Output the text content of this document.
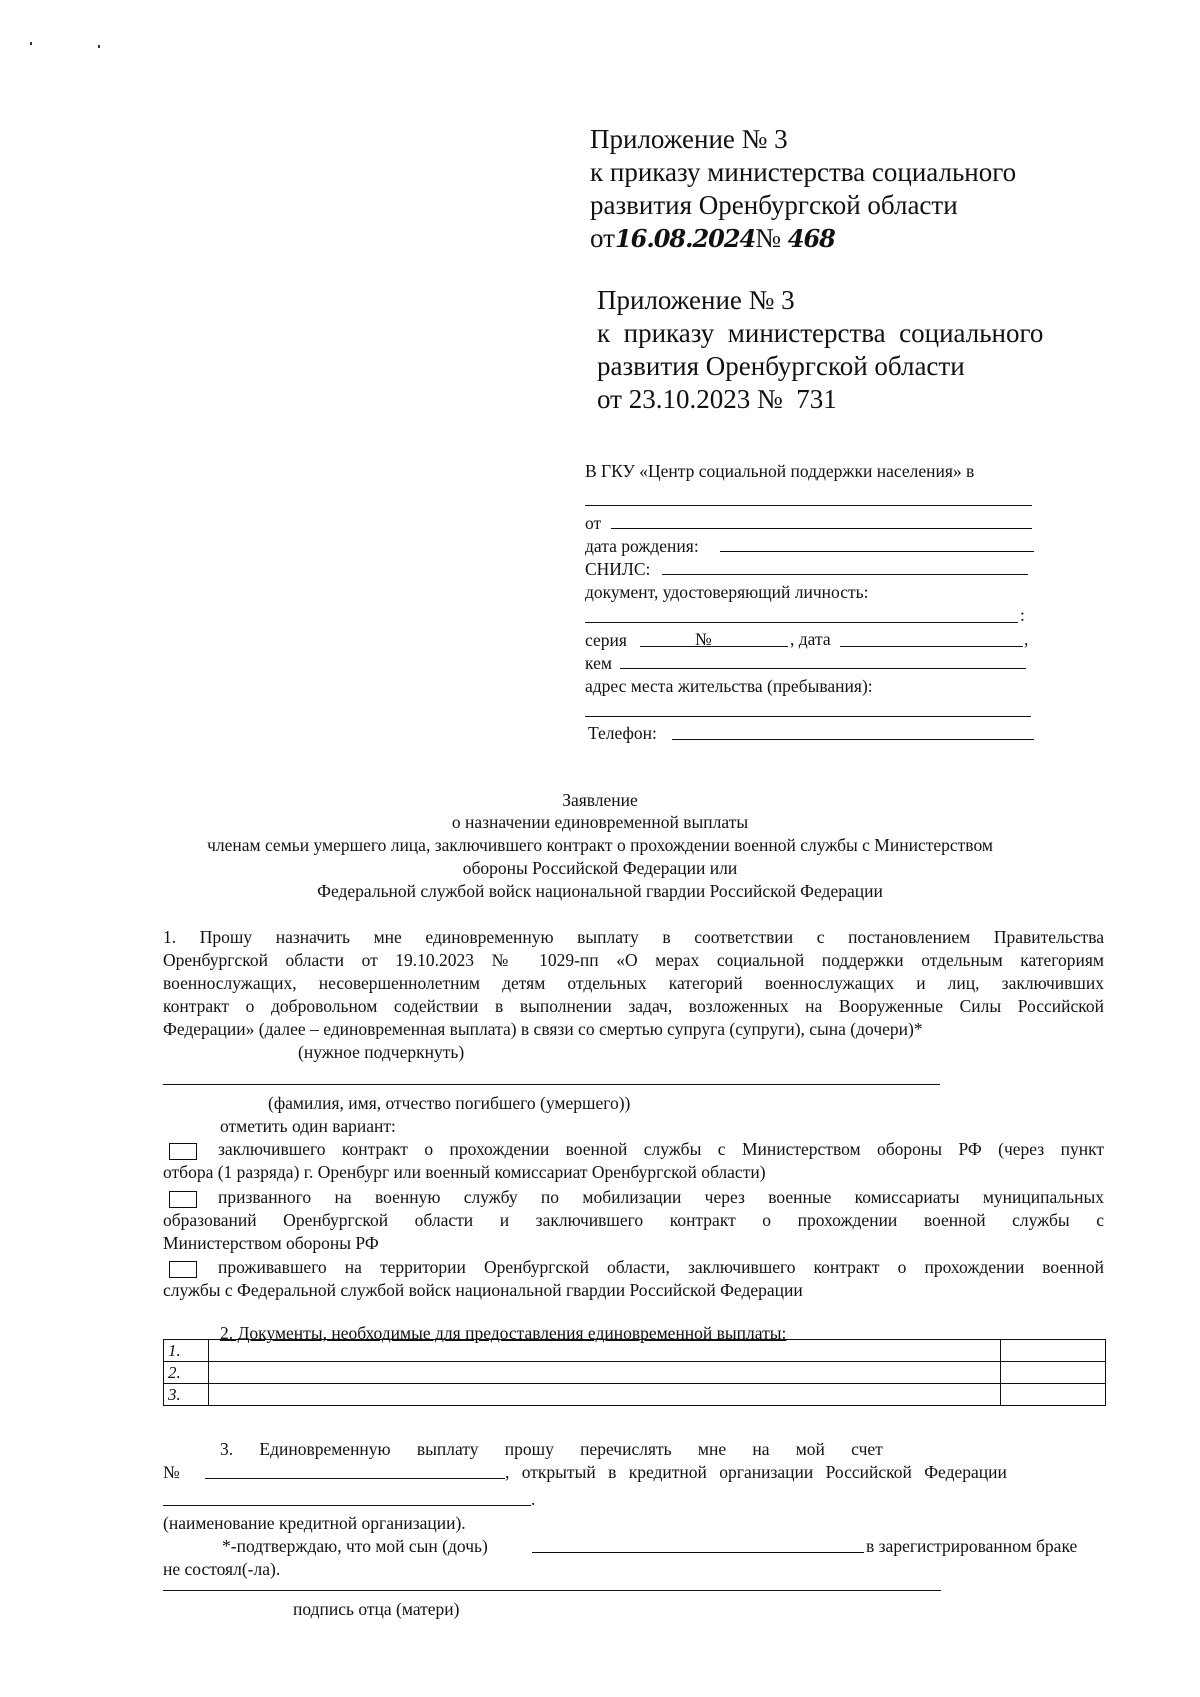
Приложение № 3
к приказу министерства социального
развития Оренбургской области
от16.08.2024№ 468
Приложение № 3
к  приказу  министерства  социального
развития Оренбургской области
от 23.10.2023 №  731
В ГКУ «Центр социальной поддержки населения» в
от
дата рождения:
СНИЛС:
документ, удостоверяющий личность:
:
серия	№	, дата	,
кем
адрес места жительства (пребывания):
Телефон:
Заявление
о назначении единовременной выплаты
членам семьи умершего лица, заключившего контракт о прохождении военной службы с Министерством
обороны Российской Федерации или
Федеральной службой войск национальной гвардии Российской Федерации
1. Прошу назначить мне единовременную выплату в соответствии с постановлением Правительства
Оренбургской области от 19.10.2023 № 1029-пп «О мерах социальной поддержки отдельным категориям
военнослужащих, несовершеннолетним детям отдельных категорий военнослужащих и лиц, заключивших
контракт о добровольном содействии в выполнении задач, возложенных на Вооруженные Силы Российской
Федерации» (далее – единовременная выплата) в связи со смертью супруга (супруги), сына (дочери)*
(нужное подчеркнуть)
(фамилия, имя, отчество погибшего (умершего))
отметить один вариант:
заключившего контракт о прохождении военной службы с Министерством обороны РФ (через пункт
отбора (1 разряда) г. Оренбург или военный комиссариат Оренбургской области)
призванного на военную службу по мобилизации через военные комиссариаты муниципальных
образований Оренбургской области и заключившего контракт о прохождении военной службы с
Министерством обороны РФ
проживавшего на территории Оренбургской области, заключившего контракт о прохождении военной
службы с Федеральной службой войск национальной гвардии Российской Федерации
2. Документы, необходимые для предоставления единовременной выплаты:
1.		
2.		
3.		
3.      Единовременную      выплату      прошу      перечислять      мне      на      мой      счет
№	, открытый в кредитной организации Российской Федерации
.
(наименование кредитной организации).
*-подтверждаю, что мой сын (дочь)	в зарегистрированном браке
не состоял(-ла).
подпись отца (матери)
